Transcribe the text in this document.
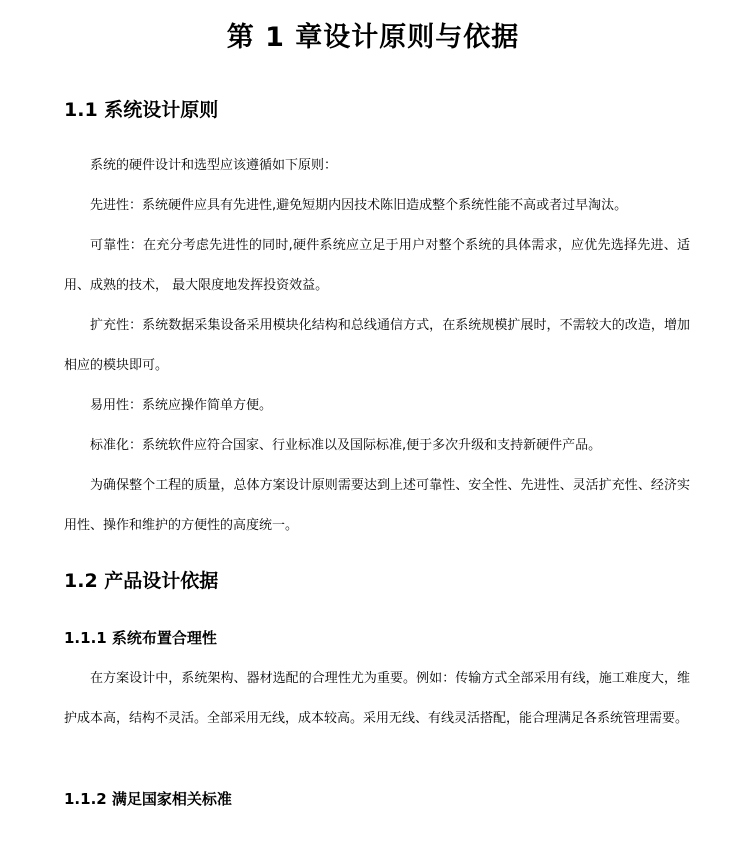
第 1 章设计原则与依据
1.1 系统设计原则

系统的硬件设计和选型应该遵循如下原则：

先进性：系统硬件应具有先进性,避免短期内因技术陈旧造成整个系统性能不高或者过早淘汰。

可靠性：在充分考虑先进性的同时,硬件系统应立足于用户对整个系统的具体需求，应优先选择先进、适用、成熟的技术， 最大限度地发挥投资效益。

扩充性：系统数据采集设备采用模块化结构和总线通信方式，在系统规模扩展时，不需较大的改造，增加相应的模块即可。

易用性：系统应操作简单方便。

标准化：系统软件应符合国家、行业标准以及国际标准,便于多次升级和支持新硬件产品。

为确保整个工程的质量，总体方案设计原则需要达到上述可靠性、安全性、先进性、灵活扩充性、经济实用性、操作和维护的方便性的高度统一。

1.2 产品设计依据
1.1.1 系统布置合理性

在方案设计中，系统架构、器材选配的合理性尤为重要。例如：传输方式全部采用有线，施工难度大，维护成本高，结构不灵活。全部采用无线，成本较高。采用无线、有线灵活搭配，能合理满足各系统管理需要。

1.1.2 满足国家相关标准
